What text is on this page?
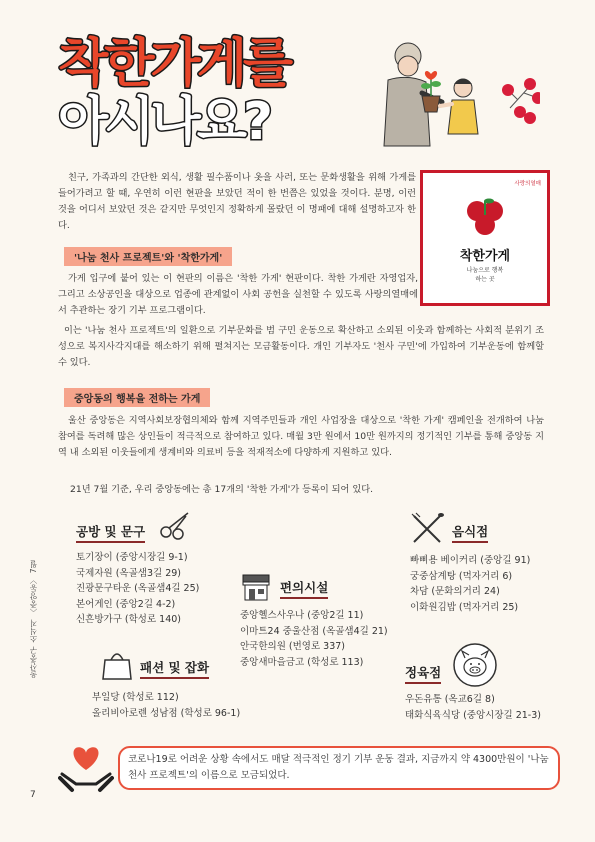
착한가게를
아시나요?
친구, 가족과의 간단한 외식, 생활 필수품이나 옷을 사러, 또는 문화생활을 위해 가게를 들어가려고 할 때, 우연히 이런 현판을 보았던 적이 한 번쯤은 있었을 것이다. 분명, 이런 것을 어디서 보았던 것은 같지만 무엇인지 정확하게 몰랐던 이 명패에 대해 설명하고자 한다.
사랑의열매
착한가게
나눔으로 행복
하는 곳
'나눔 천사 프로젝트'와 '착한가게'
가게 입구에 붙어 있는 이 현판의 이름은 '착한 가게' 현판이다. 착한 가게란 자영업자, 그리고 소상공인을 대상으로 업종에 관계없이 사회 공헌을 실천할 수 있도록 사랑의열매에서 추관하는 장기 기부 프로그램이다.
이는 '나눔 천사 프로젝트'의 일환으로 기부문화를 범 구민 운동으로 확산하고 소외된 이웃과 함께하는 사회적 분위기 조성으로 복지사각지대를 해소하기 위해 펼쳐지는 모금활동이다. 개인 기부자도 '천사 구민'에 가입하여 기부운동에 함께할 수 있다.
중앙동의 행복을 전하는 가게
울산 중앙동은 지역사회보장협의체와 함께 지역주민들과 개인 사업장을 대상으로 '착한 가게' 캠페인을 전개하여 나눔 참여를 독려해 많은 상인들이 적극적으로 참여하고 있다. 매월 3만 원에서 10만 원까지의 정기적인 기부를 통해 중앙동 지역 내 소외된 이웃들에게 생계비와 의료비 등을 적재적소에 다양하게 지원하고 있다.
21년 7월 기준, 우리 중앙동에는 총 17개의 '착한 가게'가 등록이 되어 있다.
공방 및 문구
토기장이 (중앙시장길 9-1)
국제자원 (옥골샘3길 29)
진광문구타운 (옥골샘4길 25)
본어게인 (중앙2길 4-2)
신흔방가구 (학성로 140)
음식점
빠삐용 베이커리 (중앙길 91)
궁중삼계탕 (먹자거리 6)
차담 (문화의거리 24)
이화원김밥 (먹자거리 25)
편의시설
중앙헬스사우나 (중앙2길 11)
이마트24 중울산점 (옥골샘4길 21)
안국한의원 (번영로 337)
중앙새마을금고 (학성로 113)
패션 및 잡화
부일당 (학성로 112)
올리비아로렌 성남점 (학성로 96-1)
정육점
우돈유통 (옥교6길 8)
태화식육식당 (중앙시장길 21-3)
코로나19로 어려운 상황 속에서도 매달 적극적인 정기 기부 운동 결과, 지금까지 약 4300만원이 '나눔천사 프로젝트'의 이름으로 모금되었다.
울산중구 소식지 〈중앙동〉 7월
7
